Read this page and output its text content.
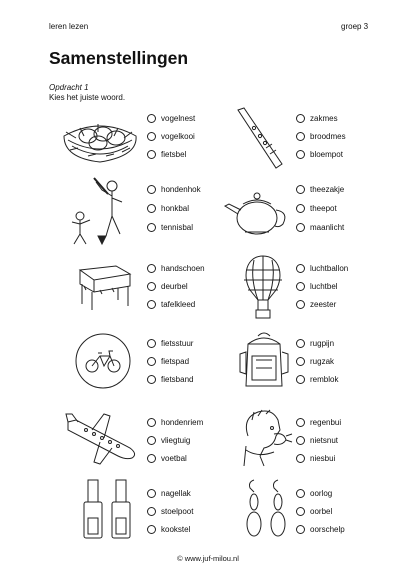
leren lezen	groep 3
Samenstellingen
Opdracht 1
Kies het juiste woord.
vogelnest
vogelkooi
fietsbel
zakmes
broodmes
bloempot
hondenhok
honkbal
tennisbal
theezakje
theepot
maanlicht
handschoen
deurbel
tafelkleed
luchtballon
luchtbel
zeester
fietsstuur
fietspad
fietsband
rugpijn
rugzak
remblok
hondenriem
vliegtuig
voetbal
regenbui
nietsnut
niesbui
nagellak
stoelpoot
kookstel
oorlog
oorbel
oorschelp
© www.juf-milou.nl
